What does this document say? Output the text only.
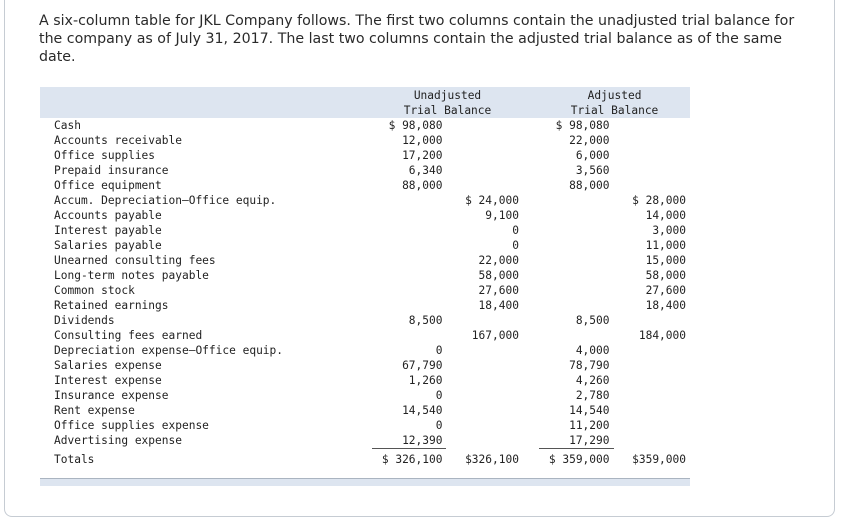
A six-column table for JKL Company follows. The first two columns contain the unadjusted trial balance for the company as of July 31, 2017. The last two columns contain the adjusted trial balance as of the same date.

	Unadjusted			Adjusted	
	Trial Balance			Trial Balance	
Cash	$ 98,080			$ 98,080	
Accounts receivable	12,000			22,000	
Office supplies	17,200			6,000	
Prepaid insurance	6,340			3,560	
Office equipment	88,000			88,000	
Accum. Depreciation—Office equip.		$ 24,000			$ 28,000
Accounts payable		9,100			14,000
Interest payable		0			3,000
Salaries payable		0			11,000
Unearned consulting fees		22,000			15,000
Long-term notes payable		58,000			58,000
Common stock		27,600			27,600
Retained earnings		18,400			18,400
Dividends	8,500			8,500	
Consulting fees earned		167,000			184,000
Depreciation expense—Office equip.	0			4,000	
Salaries expense	67,790			78,790	
Interest expense	1,260			4,260	
Insurance expense	0			2,780	
Rent expense	14,540			14,540	
Office supplies expense	0			11,200	
Advertising expense	12,390			17,290	
Totals	$ 326,100	$326,100		$ 359,000	$359,000
